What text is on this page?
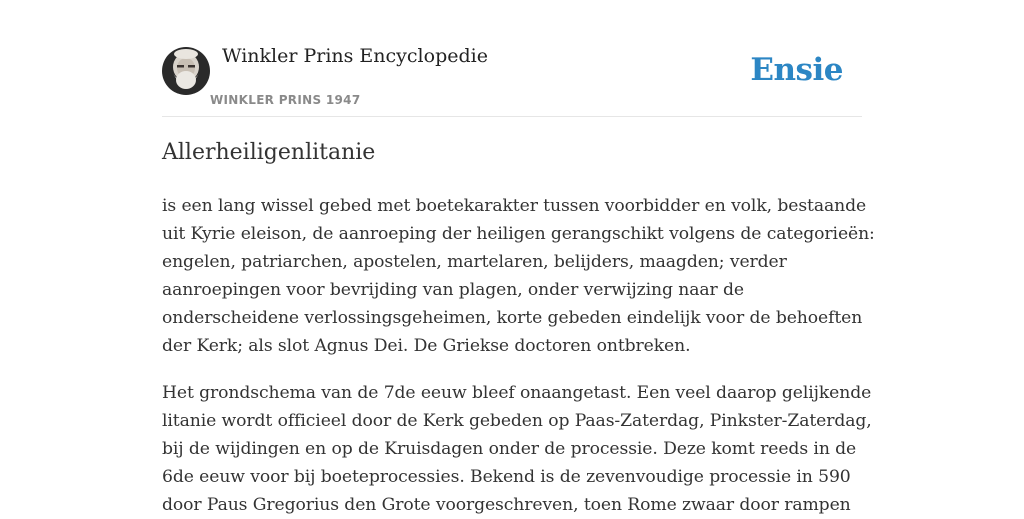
Winkler Prins Encyclopedie
WINKLER PRINS 1947
Ensie
Allerheiligenlitanie

is een lang wissel gebed met boetekarakter tussen voorbidder en volk, bestaande
uit Kyrie eleison, de aanroeping der heiligen gerangschikt volgens de categorieën:
engelen, patriarchen, apostelen, martelaren, belijders, maagden; verder
aanroepingen voor bevrijding van plagen, onder verwijzing naar de
onderscheidene verlossingsgeheimen, korte gebeden eindelijk voor de behoeften
der Kerk; als slot Agnus Dei. De Griekse doctoren ontbreken.

Het grondschema van de 7de eeuw bleef onaangetast. Een veel daarop gelijkende
litanie wordt officieel door de Kerk gebeden op Paas-Zaterdag, Pinkster-Zaterdag,
bij de wijdingen en op de Kruisdagen onder de processie. Deze komt reeds in de
6de eeuw voor bij boeteprocessies. Bekend is de zevenvoudige processie in 590
door Paus Gregorius den Grote voorgeschreven, toen Rome zwaar door rampen
